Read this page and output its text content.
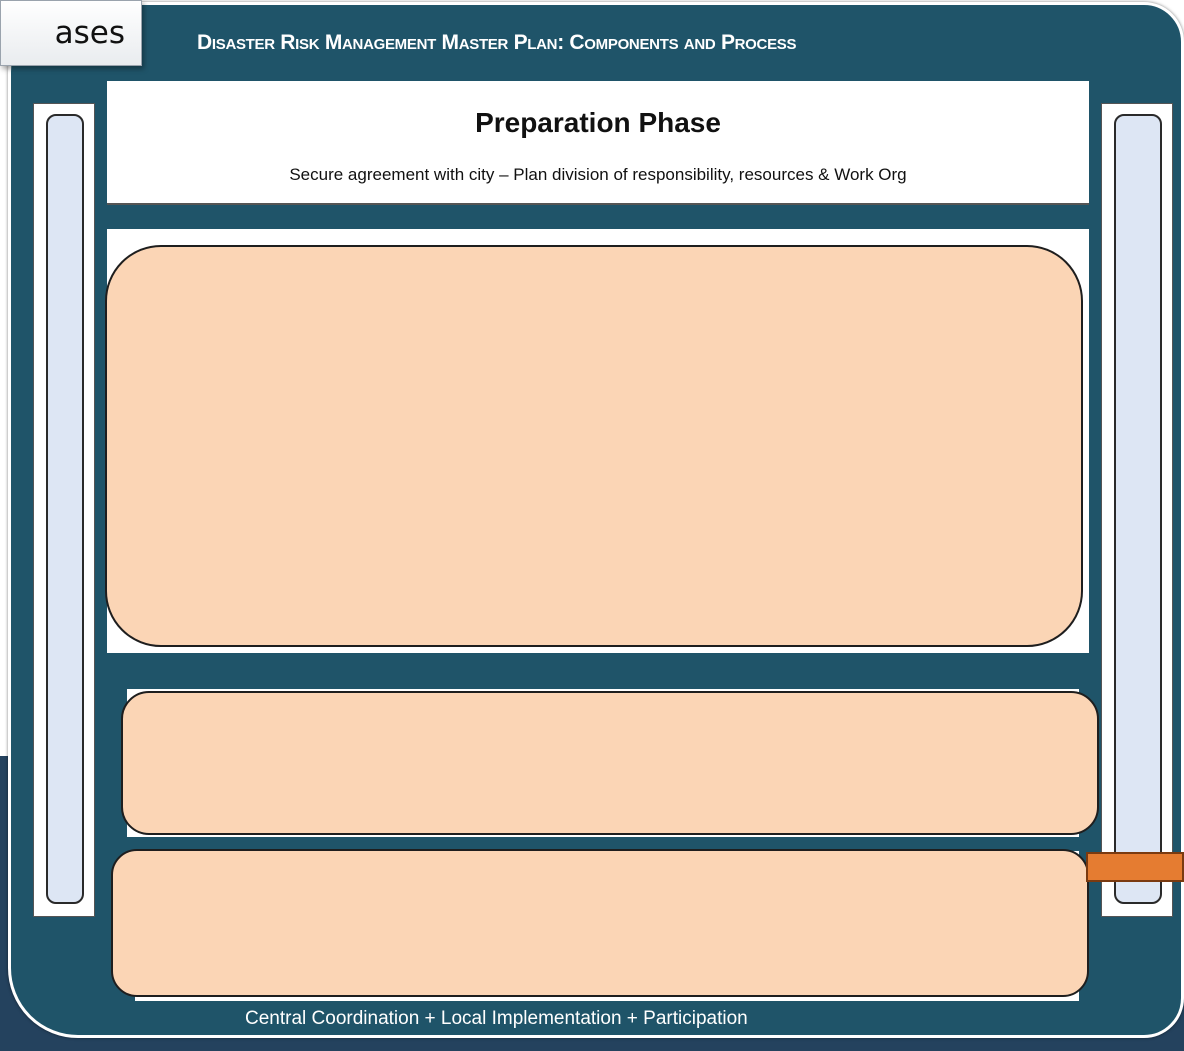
Disaster Risk Management Master Plan: Components and Process
Preparation Phase
Secure agreement with city – Plan division of responsibility, resources & Work Org
Central Coordination + Local Implementation + Participation
ases
